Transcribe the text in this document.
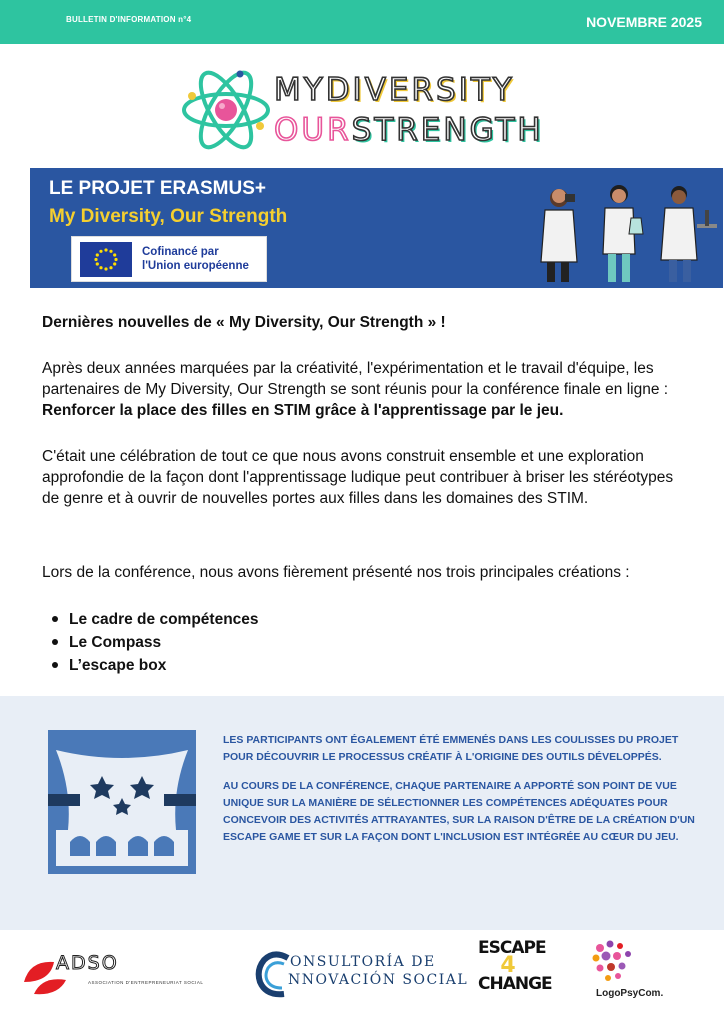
BULLETIN D'INFORMATION n°4	NOVEMBRE 2025
MYDIVERSITY
OURSTRENGTH
LE PROJET ERASMUS+
My Diversity, Our Strength
Cofinancé par
l'Union européenne
Dernières nouvelles de « My Diversity, Our Strength » !

Après deux années marquées par la créativité, l'expérimentation et le travail d'équipe, les partenaires de My Diversity, Our Strength se sont réunis pour la conférence finale en ligne : Renforcer la place des filles en STIM grâce à l'apprentissage par le jeu.

C'était une célébration de tout ce que nous avons construit ensemble et une exploration approfondie de la façon dont l'apprentissage ludique peut contribuer à briser les stéréotypes de genre et à ouvrir de nouvelles portes aux filles dans les domaines des STIM.

Lors de la conférence, nous avons fièrement présenté nos trois principales créations :

Le cadre de compétences
Le Compass
L’escape box

LES PARTICIPANTS ONT ÉGALEMENT ÉTÉ EMMENÉS DANS LES COULISSES DU PROJET POUR DÉCOUVRIR LE PROCESSUS CRÉATIF À L'ORIGINE DES OUTILS DÉVELOPPÉS.

AU COURS DE LA CONFÉRENCE, CHAQUE PARTENAIRE A APPORTÉ SON POINT DE VUE UNIQUE SUR LA MANIÈRE DE SÉLECTIONNER LES COMPÉTENCES ADÉQUATES POUR CONCEVOIR DES ACTIVITÉS ATTRAYANTES, SUR LA RAISON D'ÊTRE DE LA CRÉATION D'UN ESCAPE GAME ET SUR LA FAÇON DONT L'INCLUSION EST INTÉGRÉE AU CŒUR DU JEU.

ADSO
ASSOCIATION D'ENTREPRENEURIAT SOCIAL
ONSULTORÍA DE
NNOVACIÓN SOCIAL
ESCAPE
4
CHANGE	LogoPsyCom.
